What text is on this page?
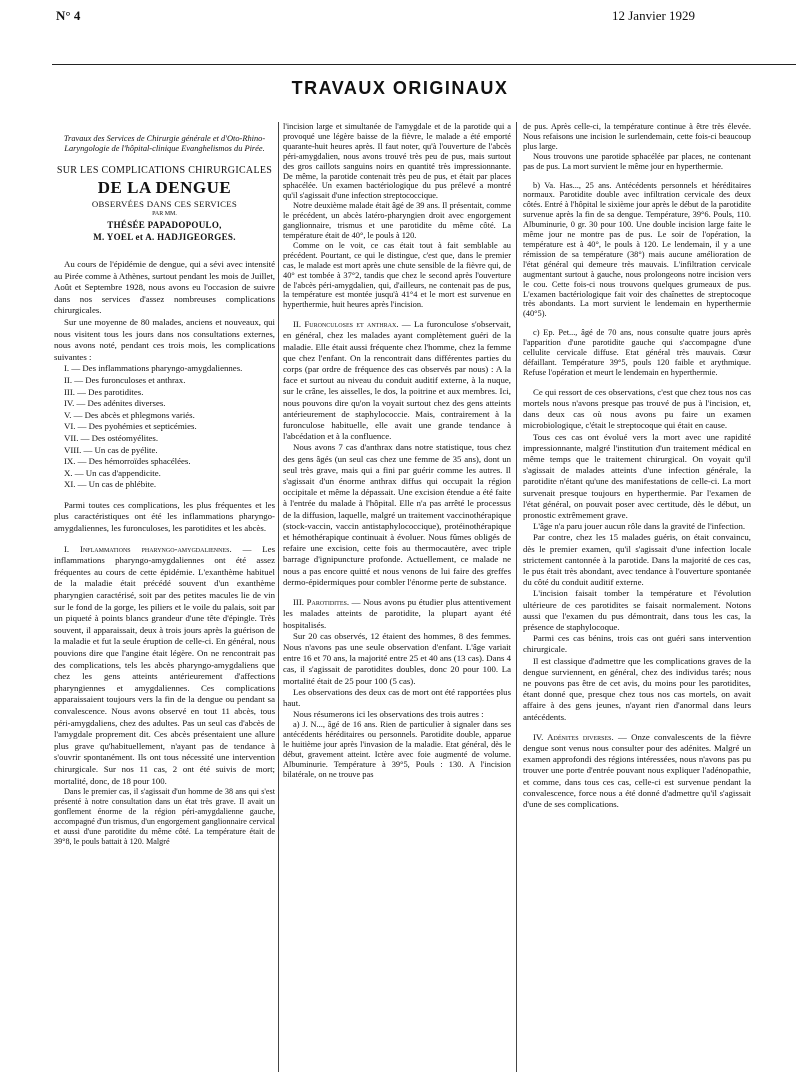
N° 4	12 Janvier 1929
TRAVAUX ORIGINAUX
Travaux des Services de Chirurgie générale et d'Oto-Rhino-Laryngologie de l'hôpital-clinique Evanghelismos du Pirée.
SUR LES COMPLICATIONS CHIRURGICALES
DE LA DENGUE
OBSERVÉES DANS CES SERVICES
PAR MM.
THÉSÉE PAPADOPOULO,
M. YOEL et A. HADJIGEORGES.

Au cours de l'épidémie de dengue, qui a sévi avec intensité au Pirée comme à Athènes, surtout pendant les mois de Juillet, Août et Septembre 1928, nous avons eu l'occasion de suivre dans nos services d'assez nombreuses complications chirurgicales.

Sur une moyenne de 80 malades, anciens et nouveaux, qui nous visitent tous les jours dans nos consultations externes, nous avons noté, pendant ces trois mois, les complications suivantes :

I. — Des inflammations pharyngo-amygdaliennes.
II. — Des furonculoses et anthrax.
III. — Des parotidites.
IV. — Des adénites diverses.
V. — Des abcès et phlegmons variés.
VI. — Des pyohémies et septicémies.
VII. — Des ostéomyélites.
VIII. — Un cas de pyélite.
IX. — Des hémorroïdes sphacélées.
X. — Un cas d'appendicite.
XI. — Un cas de phlébite.

Parmi toutes ces complications, les plus fréquentes et les plus caractéristiques ont été les inflammations pharyngo-amygdaliennes, les furonculoses, les parotidites et les abcès.

I. Inflammations pharyngo-amygdaliennes. — Les inflammations pharyngo-amygdaliennes ont été assez fréquentes au cours de cette épidémie. L'exanthème habituel de la maladie était précédé souvent d'un exanthème pharyngien caractérisé, soit par des petites macules lie de vin sur le fond de la gorge, les piliers et le voile du palais, soit par un piqueté à points blancs grandeur d'une tête d'épingle. Très souvent, il apparaissait, deux à trois jours après la guérison de la maladie et fut la seule éruption de celle-ci. En général, nous pouvions dire que l'angine était légère. On ne rencontrait pas des complications, tels les abcès pharyngo-amygdaliens que chez les gens atteints antérieurement d'affections pharyngiennes et amygdaliennes. Ces complications apparaissaient toujours vers la fin de la dengue ou pendant sa convalescence. Nous avons observé en tout 11 abcès, tous péri-amygdaliens, chez des adultes. Pas un seul cas d'abcès de l'amygdale proprement dit. Ces abcès présentaient une allure plus grave qu'habituellement, n'ayant pas de tendance à s'ouvrir spontanément. Ils ont tous nécessité une intervention chirurgicale. Sur nos 11 cas, 2 ont été suivis de mort; mortalité, donc, de 18 pour 100.

Dans le premier cas, il s'agissait d'un homme de 38 ans qui s'est présenté à notre consultation dans un état très grave. Il avait un gonflement énorme de la région péri-amygdalienne gauche, accompagné d'un trismus, d'un engorgement ganglionnaire cervical et aussi d'une parotidite du même côté. La température était de 39°8, le pouls battait à 120. Malgré

l'incision large et simultanée de l'amygdale et de la parotide qui a provoqué une légère baisse de la fièvre, le malade a été emporté quarante-huit heures après. Il faut noter, qu'à l'ouverture de l'abcès péri-amygdalien, nous avons trouvé très peu de pus, mais surtout des gros caillots sanguins noirs en quantité très impressionnante. De même, la parotide contenait très peu de pus, et était par places sphacélée. Un examen bactériologique du pus prélevé a montré qu'il s'agissait d'une infection streptococcique.

Notre deuxième malade était âgé de 39 ans. Il présentait, comme le précédent, un abcès latéro-pharyngien droit avec engorgement ganglionnaire, trismus et une parotidite du même côté. La température était de 40°, le pouls à 120.

Comme on le voit, ce cas était tout à fait semblable au précédent. Pourtant, ce qui le distingue, c'est que, dans le premier cas, le malade est mort après une chute sensible de la fièvre qui, de 40° est tombée à 37°2, tandis que chez le second après l'ouverture de l'abcès péri-amygdalien, qui, d'ailleurs, ne contenait pas de pus, la température est montée jusqu'à 41°4 et le mort est survenue en hyperthermie, huit heures après l'incision.

II. Furonculoses et anthrax. — La furonculose s'observait, en général, chez les malades ayant complètement guéri de la maladie. Elle était aussi fréquente chez l'homme, chez la femme que chez l'enfant. On la rencontrait dans différentes parties du corps (par ordre de fréquence des cas observés par nous) : A la face et surtout au niveau du conduit auditif externe, à la nuque, sur le crâne, les aisselles, le dos, la poitrine et aux membres. Ici, nous pouvons dire qu'on la voyait surtout chez des gens atteints antérieurement de staphylococcie. Mais, contrairement à la furonculose habituelle, elle avait une grande tendance à l'abcédation et à la confluence.

Nous avons 7 cas d'anthrax dans notre statistique, tous chez des gens âgés (un seul cas chez une femme de 35 ans), dont un seul très grave, mais qui a fini par guérir comme les autres. Il s'agissait d'un énorme anthrax diffus qui occupait la région occipitale et même la dépassait. Une excision étendue a été faite à l'entrée du malade à l'hôpital. Elle n'a pas arrêté le processus de la diffusion, laquelle, malgré un traitement vaccinothérapique (stock-vaccin, vaccin antistaphylococcique), protéinothérapique et hémothérapique continuait à évoluer. Nous fûmes obligés de refaire une excision, cette fois au thermocautère, avec triple barrage d'ignipuncture profonde. Actuellement, ce malade ne nous a pas encore quitté et nous venons de lui faire des greffes dermo-épidermiques pour combler l'énorme perte de substance.

III. Parotidites. — Nous avons pu étudier plus attentivement les malades atteints de parotidite, la plupart ayant été hospitalisés.

Sur 20 cas observés, 12 étaient des hommes, 8 des femmes. Nous n'avons pas une seule observation d'enfant. L'âge variait entre 16 et 70 ans, la majorité entre 25 et 40 ans (13 cas). Dans 4 cas, il s'agissait de parotidites doubles, donc 20 pour 100. La mortalité était de 25 pour 100 (5 cas).

Les observations des deux cas de mort ont été rapportées plus haut.

Nous résumerons ici les observations des trois autres :

a) J. N..., âgé de 16 ans. Rien de particulier à signaler dans ses antécédents héréditaires ou personnels. Parotidite double, apparue le huitième jour après l'invasion de la maladie. Etat général, dès le début, gravement atteint. Ictère avec foie augmenté de volume. Albuminurie. Température à 39°5, Pouls : 130. A l'incision bilatérale, on ne trouve pas

de pus. Après celle-ci, la température continue à être très élevée. Nous refaisons une incision le surlendemain, cette fois-ci beaucoup plus large.

Nous trouvons une parotide sphacélée par places, ne contenant pas de pus. La mort survient le même jour en hyperthermie.

b) Va. Has..., 25 ans. Antécédents personnels et héréditaires normaux. Parotidite double avec infiltration cervicale des deux côtés. Entré à l'hôpital le sixième jour après le début de la parotidite survenue après la fin de sa dengue. Température, 39°6. Pouls, 110. Albuminurie, 0 gr. 30 pour 100. Une double incision large faite le même jour ne montre pas de pus. Le soir de l'opération, la température est à 40°, le pouls à 120. Le lendemain, il y a une rémission de sa température (38°) mais aucune amélioration de l'état général qui demeure très mauvais. L'infiltration cervicale augmentant surtout à gauche, nous prolongeons notre incision vers le cou. Cette fois-ci nous trouvons quelques grumeaux de pus. L'examen bactériologique fait voir des chaînettes de streptocoque très abondants. La mort survient le lendemain en hyperthermie (40°5).

c) Ep. Pet..., âgé de 70 ans, nous consulte quatre jours après l'apparition d'une parotidite gauche qui s'accompagne d'une cellulite cervicale diffuse. Etat général très mauvais. Cœur défaillant. Température 39°5, pouls 120 faible et arythmique. Refuse l'opération et meurt le lendemain en hyperthermie.

Ce qui ressort de ces observations, c'est que chez tous nos cas mortels nous n'avons presque pas trouvé de pus à l'incision, et, dans deux cas où nous avons pu faire un examen microbiologique, c'était le streptocoque qui était en cause.

Tous ces cas ont évolué vers la mort avec une rapidité impressionnante, malgré l'institution d'un traitement médical en même temps que le traitement chirurgical. On voyait qu'il s'agissait de malades atteints d'une infection générale, la parotidite n'étant qu'une des manifestations de celle-ci. La mort survenait presque toujours en hyperthermie. Par l'examen de l'état général, on pouvait poser avec certitude, dès le début, un pronostic extrêmement grave.

L'âge n'a paru jouer aucun rôle dans la gravité de l'infection.

Par contre, chez les 15 malades guéris, on était convaincu, dès le premier examen, qu'il s'agissait d'une infection locale strictement cantonnée à la parotide. Dans la majorité de ces cas, le pus était très abondant, avec tendance à l'ouverture spontanée du côté du conduit auditif externe.

L'incision faisait tomber la température et l'évolution ultérieure de ces parotidites se faisait normalement. Notons aussi que l'examen du pus démontrait, dans tous les cas, la présence de staphylocoque.

Parmi ces cas bénins, trois cas ont guéri sans intervention chirurgicale.

Il est classique d'admettre que les complications graves de la dengue surviennent, en général, chez des individus tarés; nous ne pouvons pas être de cet avis, du moins pour les parotidites, étant donné que, presque chez tous nos cas mortels, on avait affaire à des gens jeunes, n'ayant rien d'anormal dans leurs antécédents.

IV. Adénites diverses. — Onze convalescents de la fièvre dengue sont venus nous consulter pour des adénites. Malgré un examen approfondi des régions intéressées, nous n'avons pas pu trouver une porte d'entrée pouvant nous expliquer l'adénopathie, et comme, dans tous ces cas, celle-ci est survenue pendant la convalescence, force nous a été donné d'admettre qu'il s'agissait d'une de ses complications.
